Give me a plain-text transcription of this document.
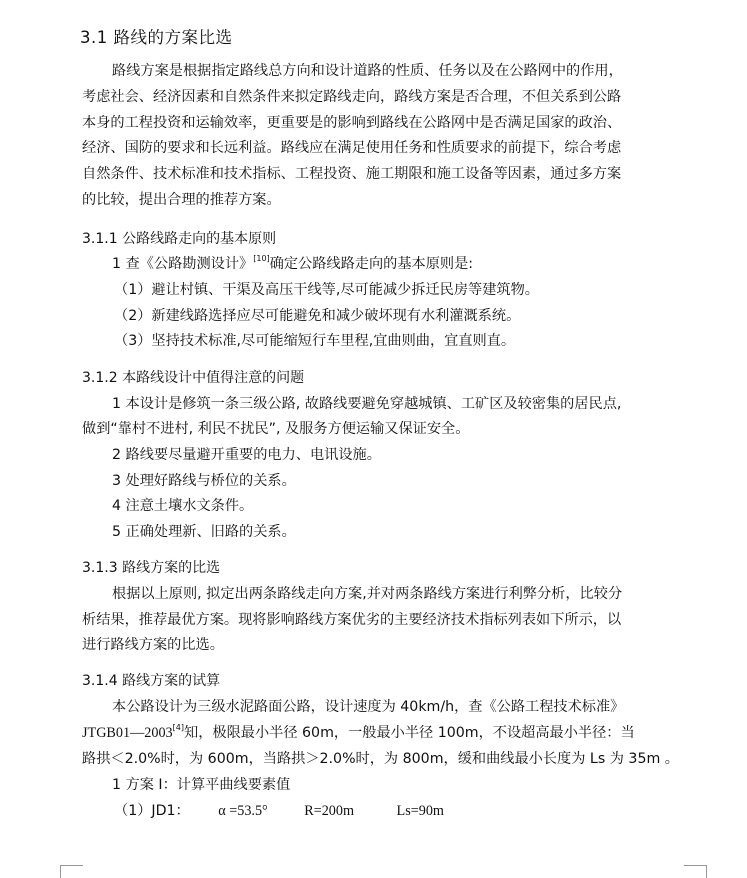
3.1 路线的方案比选
路线方案是根据指定路线总方向和设计道路的性质、任务以及在公路网中的作用，
考虑社会、经济因素和自然条件来拟定路线走向，路线方案是否合理，不但关系到公路
本身的工程投资和运输效率，更重要是的影响到路线在公路网中是否满足国家的政治、
经济、国防的要求和长远利益。路线应在满足使用任务和性质要求的前提下，综合考虑
自然条件、技术标准和技术指标、工程投资、施工期限和施工设备等因素，通过多方案
的比较，提出合理的推荐方案。
3.1.1 公路线路走向的基本原则
1 查《公路勘测设计》[10]确定公路线路走向的基本原则是:
（1）避让村镇、干渠及高压干线等,尽可能减少拆迁民房等建筑物。
（2）新建线路选择应尽可能避免和减少破坏现有水利灌溉系统。
（3）坚持技术标准,尽可能缩短行车里程,宜曲则曲，宜直则直。
3.1.2 本路线设计中值得注意的问题
1 本设计是修筑一条三级公路, 故路线要避免穿越城镇、工矿区及较密集的居民点,
做到“靠村不进村, 利民不扰民”, 及服务方便运输又保证安全。
2 路线要尽量避开重要的电力、电讯设施。
3 处理好路线与桥位的关系。
4 注意土壤水文条件。
5 正确处理新、旧路的关系。
3.1.3 路线方案的比选
根据以上原则, 拟定出两条路线走向方案,并对两条路线方案进行利弊分析，比较分
析结果，推荐最优方案。现将影响路线方案优劣的主要经济技术指标列表如下所示，以
进行路线方案的比选。
3.1.4 路线方案的试算
本公路设计为三级水泥路面公路，设计速度为 40km/h，查《公路工程技术标准》
JTGB01—2003[4]知，极限最小半径 60m，一般最小半径 100m，不设超高最小半径：当
路拱＜2.0%时，为 600m，当路拱＞2.0%时，为 800m，缓和曲线最小长度为 Ls 为 35m 。
1 方案 I：计算平曲线要素值
（1）JD1： α =53.5°	R=200m	Ls=90m
